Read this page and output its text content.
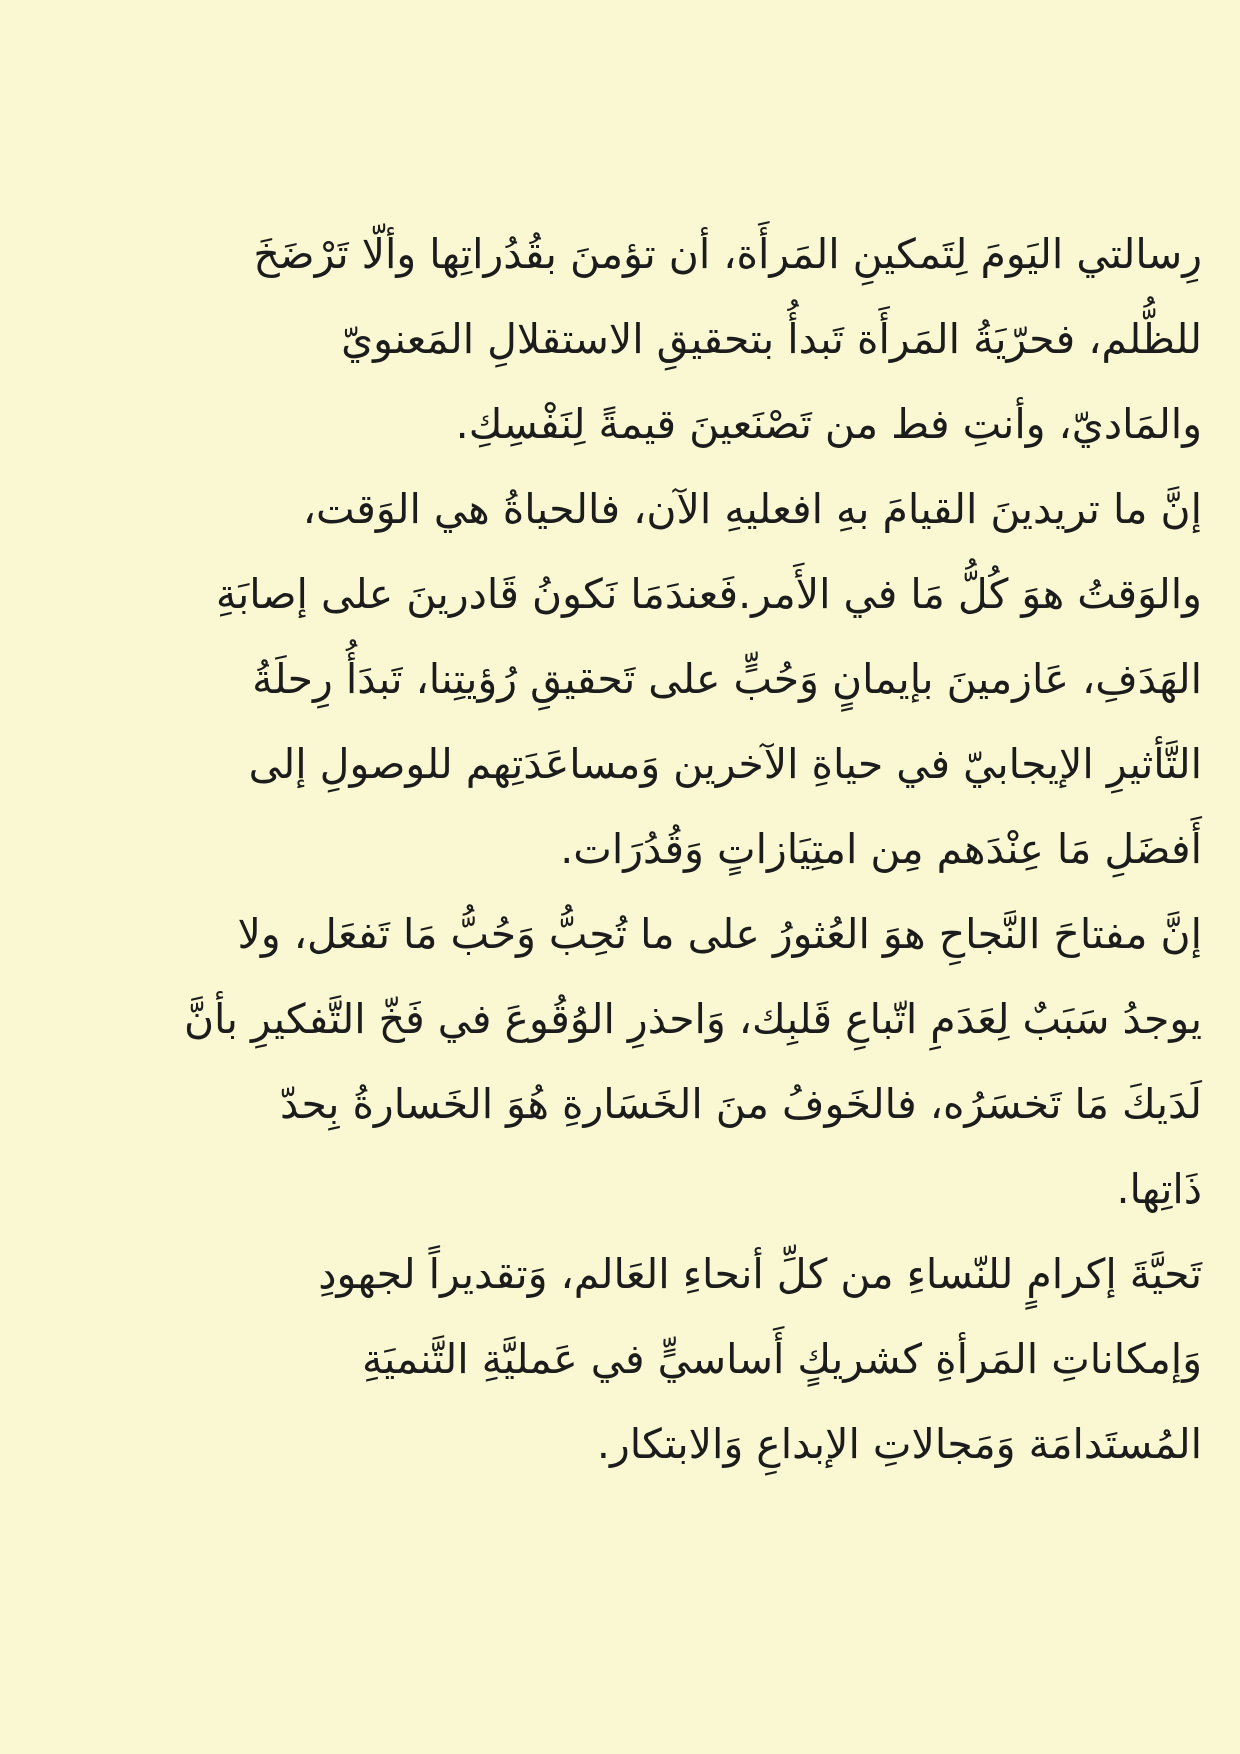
رِسالتي اليَومَ لِتَمكينِ المَرأَة، أن تؤمنَ بقُدُراتِها وألّا تَرْضَخَ
للظُّلم، فحرّيَةُ المَرأَة تَبدأُ بتحقيقِ الاستقلالِ المَعنويّ
والمَاديّ، وأنتِ فط من تَصْنَعينَ قيمةً لِنَفْسِكِ.
إنَّ ما تريدينَ القيامَ بهِ افعليهِ الآن، فالحياةُ هي الوَقت،
والوَقتُ هوَ كُلُّ مَا في الأَمر.فَعندَمَا نَكونُ قَادرينَ على إصابَةِ
الهَدَفِ، عَازمينَ بإيمانٍ وَحُبٍّ على تَحقيقِ رُؤيتِنا، تَبدَأُ رِحلَةُ
التَّأثيرِ الإيجابيّ في حياةِ الآخرين وَمساعَدَتِهم للوصولِ إلى
أَفضَلِ مَا عِنْدَهم مِن امتِيَازاتٍ وَقُدُرَات.
إنَّ مفتاحَ النَّجاحِ هوَ العُثورُ على ما تُحِبُّ وَحُبُّ مَا تَفعَل، ولا
يوجدُ سَبَبٌ لِعَدَمِ اتّباعِ قَلبِك، وَاحذرِ الوُقُوعَ في فَخّ التَّفكيرِ بأنَّ
لَدَيكَ مَا تَخسَرُه، فالخَوفُ منَ الخَسَارةِ هُوَ الخَسارةُ بِحدّ
ذَاتِها.
تَحيَّةَ إكرامٍ للنّساءِ من كلِّ أنحاءِ العَالم، وَتقديراً لجهودِ
وَإمكاناتِ المَرأةِ كشريكٍ أَساسيٍّ في عَمليَّةِ التَّنميَةِ
المُستَدامَة وَمَجالاتِ الإبداعِ وَالابتكار.
